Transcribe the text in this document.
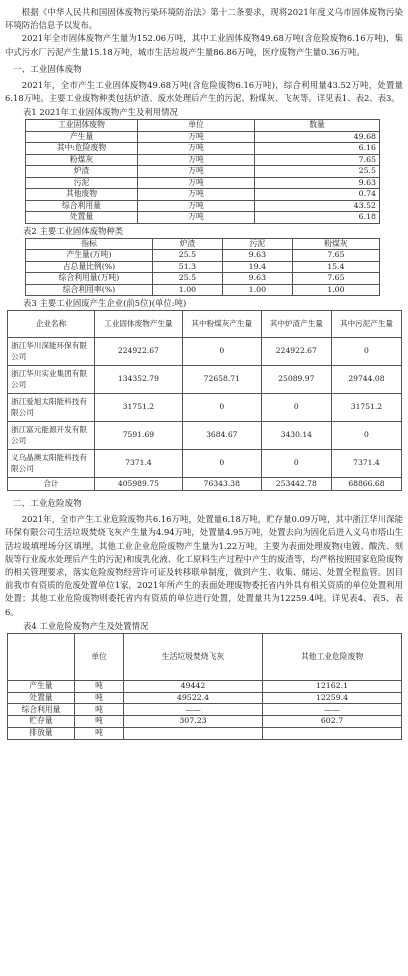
根据《中华人民共和国固体废物污染环境防治法》第十二条要求，现将2021年度义乌市固体废物污染环境防治信息予以发布。

2021年全市固体废物产生量为152.06万吨，其中工业固体废物49.68万吨(含危险废物6.16万吨)，集中式污水厂污泥产生量15.18万吨，城市生活垃圾产生量86.86万吨，医疗废物产生量0.36万吨。

一、工业固体废物

2021年，全市产生工业固体废物49.68万吨(含危险废物6.16万吨)，综合利用量43.52万吨，处置量6.18万吨。主要工业废物种类包括炉渣、废水处理后产生的污泥、粉煤灰、飞灰等。详见表1、表2、表3。

表1 2021年工业固体废物产生及利用情况
工业固体废物	单位	数量
产生量	万吨	49.68
其中:危险废物	万吨	6.16
粉煤灰	万吨	7.65
炉渣	万吨	25.5
污泥	万吨	9.63
其他废物	万吨	0.74
综合利用量	万吨	43.52
处置量	万吨	6.18
表2 主要工业固体废物种类
指标	炉渣	污泥	粉煤灰
产生量(万吨)	25.5	9.63	7.65
占总量比例(%)	51.3	19.4	15.4
综合利用量(万吨)	25.5	9.63	7.65
综合利用率(%)	1.00	1.00	1.00
表3 主要工业固废产生企业(前5位)(单位:吨)
企业名称	工业固体废物产生量	其中粉煤灰产生量	其中炉渣产生量	其中污泥产生量
浙江华川深能环保有限公司	224922.67	0	224922.67	0
浙江华川实业集团有限公司	134352.79	72658.71	25089.97	29744.08
浙江爱旭太阳能科技有限公司	31751.2	0	0	31751.2
浙江富元能源开发有限公司	7591.69	3684.67	3430.14	0
义乌晶澳太阳能科技有限公司	7371.4	0	0	7371.4
合计	405989.75	76343.38	253442.78	68866.68
二、工业危险废物

2021年，全市产生工业危险废物共6.16万吨，处置量6.18万吨，贮存量0.09万吨，其中浙江华川深能环保有限公司生活垃圾焚烧飞灰产生量为4.94万吨，处置量4.95万吨，处置去向为固化后进入义乌市塔山生活垃圾填埋场分区填埋。其他工业企业危险废物产生量为1.22万吨，主要为表面处理废物(电镀、酸洗、刻版等行业废水处理后产生的污泥)和废乳化液、化工原料生产过程中产生的废渣等，均严格按照国家危险废物的相关管理要求，落实危险废物经营许可证及转移联单制度，做到产生、收集、储运、处置全程监管。因目前我市有资质的危废处置单位1家，2021年所产生的表面处理废物委托省内外具有相关资质的单位处置利用处置；其他工业危险废物则委托省内有资质的单位进行处置，处置量共为12259.4吨。详见表4、表5、表6。

表4 工业危险废物产生及处置情况
	单位	生活垃圾焚烧飞灰	其他工业危险废物
产生量	吨	49442	12162.1
处置量	吨	49522.4	12259.4
综合利用量	吨	——	——
贮存量	吨	307.23	602.7
排放量	吨		
